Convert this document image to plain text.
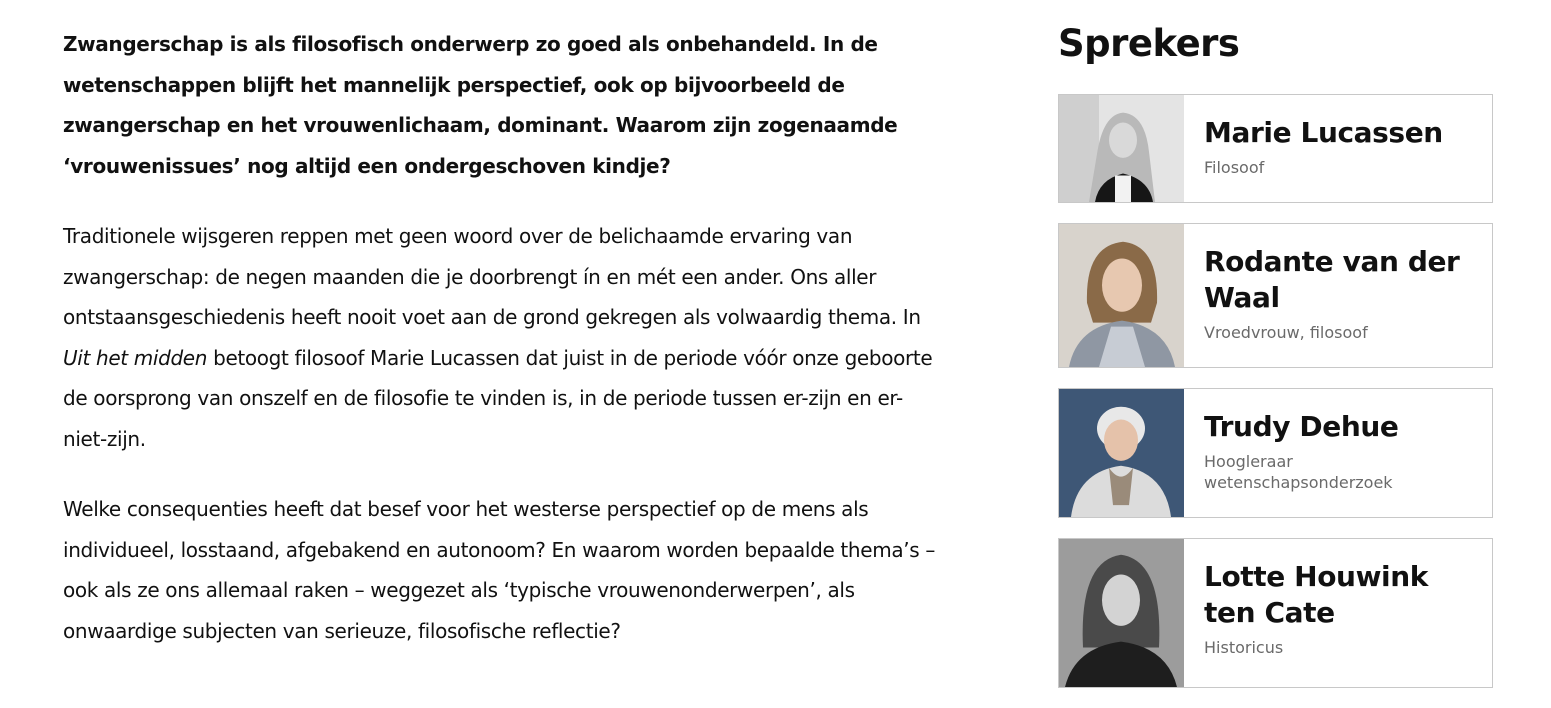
Zwangerschap is als filosofisch onderwerp zo goed als onbehandeld. In de wetenschappen blijft het mannelijk perspectief, ook op bijvoorbeeld de zwangerschap en het vrouwenlichaam, dominant. Waarom zijn zogenaamde ‘vrouwenissues’ nog altijd een ondergeschoven kindje?

Traditionele wijsgeren reppen met geen woord over de belichaamde ervaring van zwangerschap: de negen maanden die je doorbrengt ín en mét een ander. Ons aller ontstaansgeschiedenis heeft nooit voet aan de grond gekregen als volwaardig thema. In Uit het midden betoogt filosoof Marie Lucassen dat juist in de periode vóór onze geboorte de oorsprong van onszelf en de filosofie te vinden is, in de periode tussen er-zijn en er-niet-zijn.

Welke consequenties heeft dat besef voor het westerse perspectief op de mens als individueel, losstaand, afgebakend en autonoom? En waarom worden bepaalde thema’s – ook als ze ons allemaal raken – weggezet als ‘typische vrouwenonderwerpen’, als onwaardige subjecten van serieuze, filosofische reflectie?

Sprekers
Marie Lucassen
Filosoof
Rodante van der Waal
Vroedvrouw, filosoof
Trudy Dehue
Hoogleraar wetenschapsonderzoek
Lotte Houwink ten Cate
Historicus
